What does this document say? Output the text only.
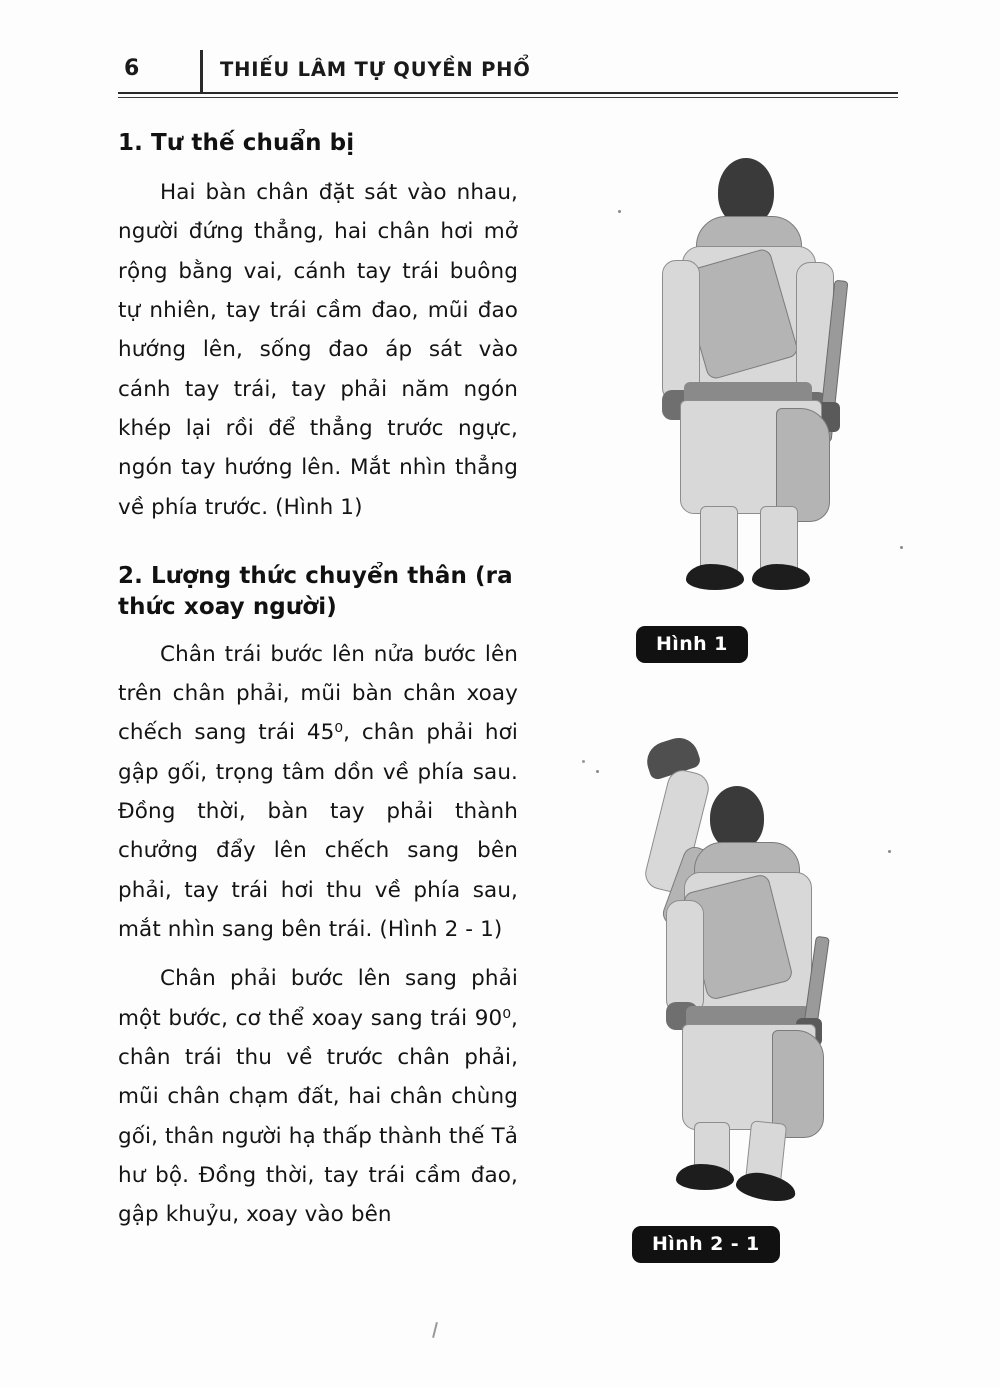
6	THIẾU LÂM TỰ QUYỀN PHỔ
1. Tư thế chuẩn bị

Hai bàn chân đặt sát vào nhau, người đứng thẳng, hai chân hơi mở rộng bằng vai, cánh tay trái buông tự nhiên, tay trái cầm đao, mũi đao hướng lên, sống đao áp sát vào cánh tay trái, tay phải năm ngón khép lại rồi để thẳng trước ngực, ngón tay hướng lên. Mắt nhìn thẳng về phía trước. (Hình 1)

2. Lượng thức chuyển thân (ra thức xoay người)

Chân trái bước lên nửa bước lên trên chân phải, mũi bàn chân xoay chếch sang trái 45⁰, chân phải hơi gập gối, trọng tâm dồn về phía sau. Đồng thời, bàn tay phải thành chưởng đẩy lên chếch sang bên phải, tay trái hơi thu về phía sau, mắt nhìn sang bên trái. (Hình 2 - 1)

Chân phải bước lên sang phải một bước, cơ thể xoay sang trái 90⁰, chân trái thu về trước chân phải, mũi chân chạm đất, hai chân chùng gối, thân người hạ thấp thành thế Tả hư bộ. Đồng thời, tay trái cầm đao, gập khuỷu, xoay vào bên

Hình 1
Hình 2 - 1
